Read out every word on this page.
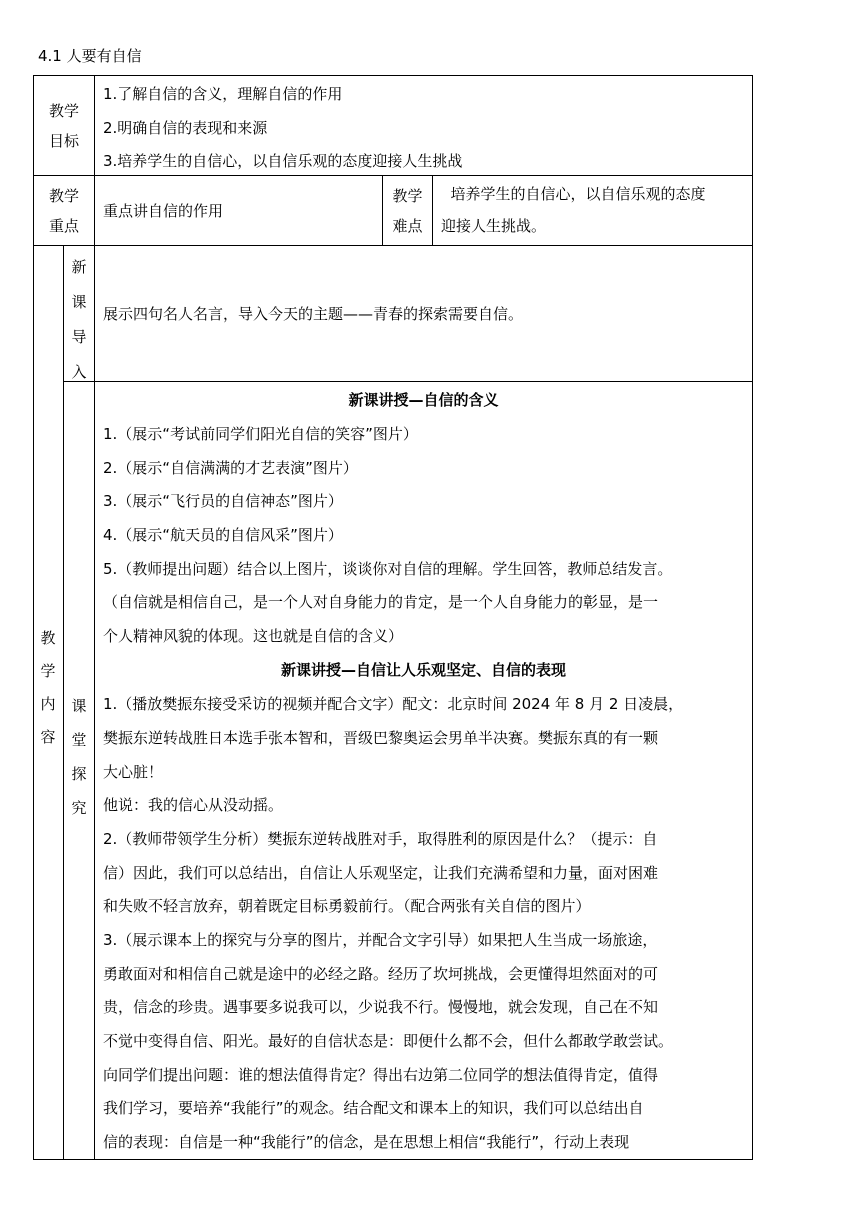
4.1 人要有自信
教学
目标
1.了解自信的含义，理解自信的作用
2.明确自信的表现和来源
3.培养学生的自信心，以自信乐观的态度迎接人生挑战
教学
重点
重点讲自信的作用
教学
难点
培养学生的自信心，以自信乐观的态度
迎接人生挑战。
教
学
内
容
新
课
导
入
展示四句名人名言，导入今天的主题——青春的探索需要自信。
课
堂
探
究
新课讲授—自信的含义
1.（展示“考试前同学们阳光自信的笑容”图片）
2.（展示“自信满满的才艺表演”图片）
3.（展示“飞行员的自信神态”图片）
4.（展示“航天员的自信风采”图片）
5.（教师提出问题）结合以上图片，谈谈你对自信的理解。学生回答，教师总结发言。
（自信就是相信自己，是一个人对自身能力的肯定，是一个人自身能力的彰显，是一
个人精神风貌的体现。这也就是自信的含义）
新课讲授—自信让人乐观坚定、自信的表现
1.（播放樊振东接受采访的视频并配合文字）配文：北京时间 2024 年 8 月 2 日凌晨，
樊振东逆转战胜日本选手张本智和，晋级巴黎奥运会男单半决赛。樊振东真的有一颗
大心脏！
他说：我的信心从没动摇。
2.（教师带领学生分析）樊振东逆转战胜对手，取得胜利的原因是什么？（提示：自
信）因此，我们可以总结出，自信让人乐观坚定，让我们充满希望和力量，面对困难
和失败不轻言放弃，朝着既定目标勇毅前行。（配合两张有关自信的图片）
3.（展示课本上的探究与分享的图片，并配合文字引导）如果把人生当成一场旅途，
勇敢面对和相信自己就是途中的必经之路。经历了坎坷挑战，会更懂得坦然面对的可
贵，信念的珍贵。遇事要多说我可以，少说我不行。慢慢地，就会发现，自己在不知
不觉中变得自信、阳光。最好的自信状态是：即便什么都不会，但什么都敢学敢尝试。
向同学们提出问题：谁的想法值得肯定？得出右边第二位同学的想法值得肯定，值得
我们学习，要培养“我能行”的观念。结合配文和课本上的知识，我们可以总结出自
信的表现：自信是一种“我能行”的信念，是在思想上相信“我能行”，行动上表现
